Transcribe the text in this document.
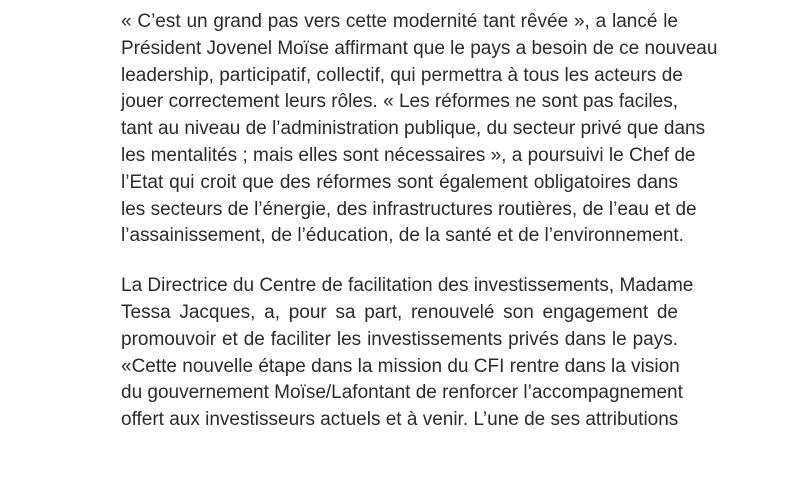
« C’est un grand pas vers cette modernité tant rêvée », a lancé le
Président Jovenel Moïse affirmant que le pays a besoin de ce nouveau
leadership, participatif, collectif, qui permettra à tous les acteurs de
jouer correctement leurs rôles. « Les réformes ne sont pas faciles,
tant au niveau de l’administration publique, du secteur privé que dans
les mentalités ; mais elles sont nécessaires », a poursuivi le Chef de
l’Etat qui croit que des réformes sont également obligatoires dans
les secteurs de l’énergie, des infrastructures routières, de l’eau et de
l’assainissement, de l’éducation, de la santé et de l’environnement.

La Directrice du Centre de facilitation des investissements, Madame
Tessa Jacques, a, pour sa part, renouvelé son engagement de
promouvoir et de faciliter les investissements privés dans le pays.
«Cette nouvelle étape dans la mission du CFI rentre dans la vision
du gouvernement Moïse/Lafontant de renforcer l’accompagnement
offert aux investisseurs actuels et à venir. L’une de ses attributions
